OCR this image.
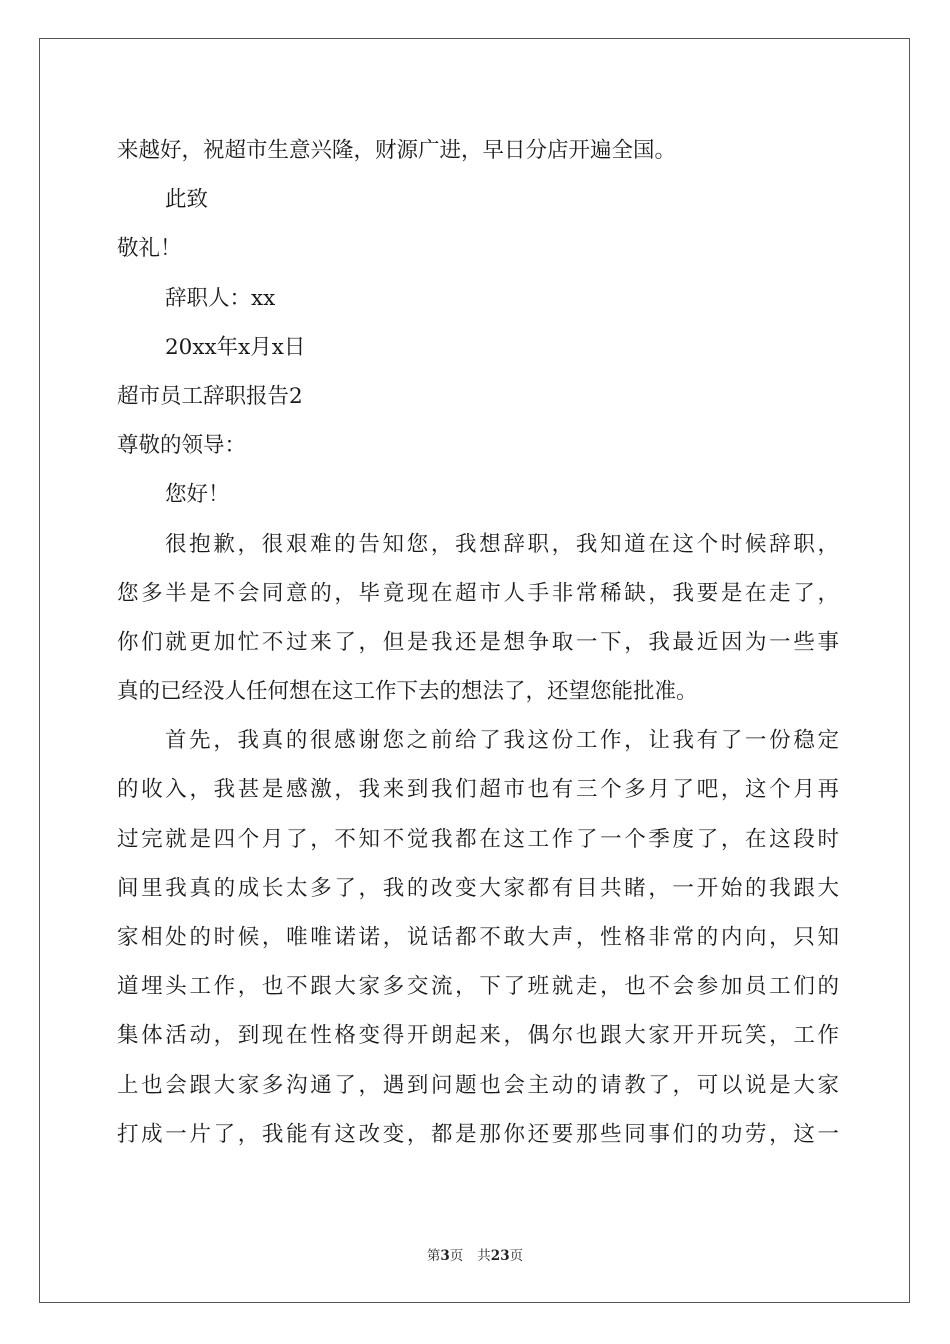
来越好，祝超市生意兴隆，财源广进，早日分店开遍全国。
此致
敬礼！
辞职人：xx
20xx年x月x日
超市员工辞职报告2
尊敬的领导：
您好！
很抱歉，很艰难的告知您，我想辞职，我知道在这个时候辞职，
您多半是不会同意的，毕竟现在超市人手非常稀缺，我要是在走了，
你们就更加忙不过来了，但是我还是想争取一下，我最近因为一些事
真的已经没人任何想在这工作下去的想法了，还望您能批准。
首先，我真的很感谢您之前给了我这份工作，让我有了一份稳定
的收入，我甚是感激，我来到我们超市也有三个多月了吧，这个月再
过完就是四个月了，不知不觉我都在这工作了一个季度了，在这段时
间里我真的成长太多了，我的改变大家都有目共睹，一开始的我跟大
家相处的时候，唯唯诺诺，说话都不敢大声，性格非常的内向，只知
道埋头工作，也不跟大家多交流，下了班就走，也不会参加员工们的
集体活动，到现在性格变得开朗起来，偶尔也跟大家开开玩笑，工作
上也会跟大家多沟通了，遇到问题也会主动的请教了，可以说是大家
打成一片了，我能有这改变，都是那你还要那些同事们的功劳，这一
第3页 共23页
